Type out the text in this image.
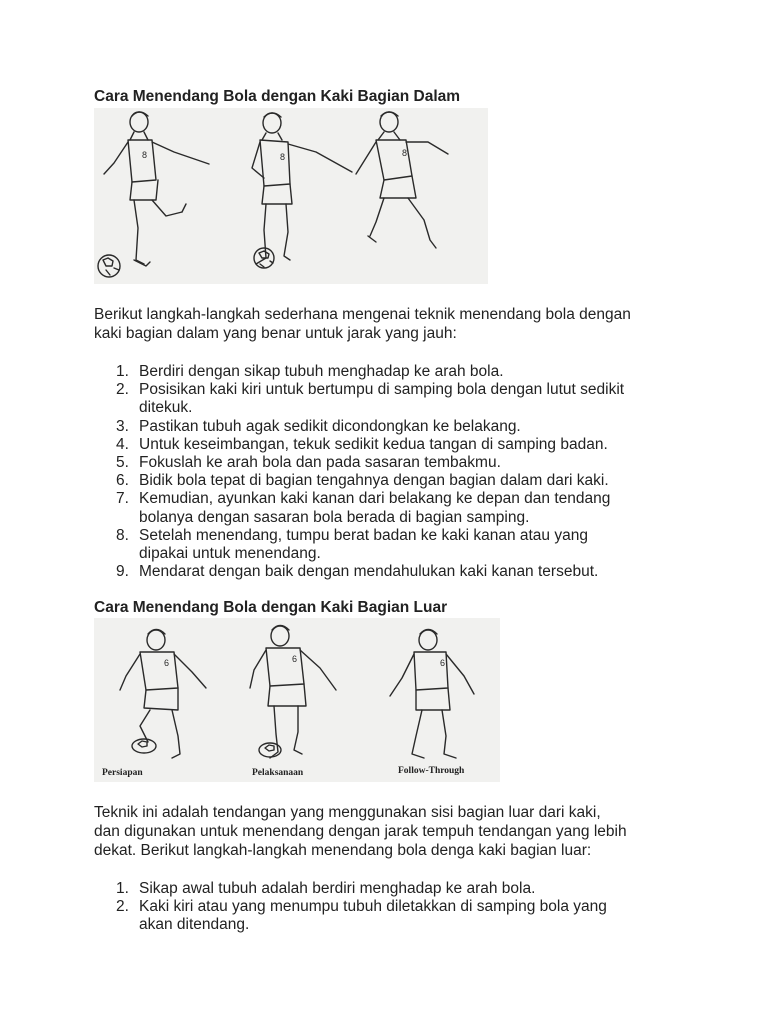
Cara Menendang Bola dengan Kaki Bagian Dalam
8	8	8
Berikut langkah-langkah sederhana mengenai teknik menendang bola dengan
kaki bagian dalam yang benar untuk jarak yang jauh:
1. Berdiri dengan sikap tubuh menghadap ke arah bola.
2. Posisikan kaki kiri untuk bertumpu di samping bola dengan lutut sedikit
ditekuk.
3. Pastikan tubuh agak sedikit dicondongkan ke belakang.
4. Untuk keseimbangan, tekuk sedikit kedua tangan di samping badan.
5. Fokuslah ke arah bola dan pada sasaran tembakmu.
6. Bidik bola tepat di bagian tengahnya dengan bagian dalam dari kaki.
7. Kemudian, ayunkan kaki kanan dari belakang ke depan dan tendang
bolanya dengan sasaran bola berada di bagian samping.
8. Setelah menendang, tumpu berat badan ke kaki kanan atau yang
dipakai untuk menendang.
9. Mendarat dengan baik dengan mendahulukan kaki kanan tersebut.
Cara Menendang Bola dengan Kaki Bagian Luar
6	6	6
Persiapan	Pelaksanaan	Follow-Through
Teknik ini adalah tendangan yang menggunakan sisi bagian luar dari kaki,
dan digunakan untuk menendang dengan jarak tempuh tendangan yang lebih
dekat. Berikut langkah-langkah menendang bola denga kaki bagian luar:
1. Sikap awal tubuh adalah berdiri menghadap ke arah bola.
2. Kaki kiri atau yang menumpu tubuh diletakkan di samping bola yang
akan ditendang.
